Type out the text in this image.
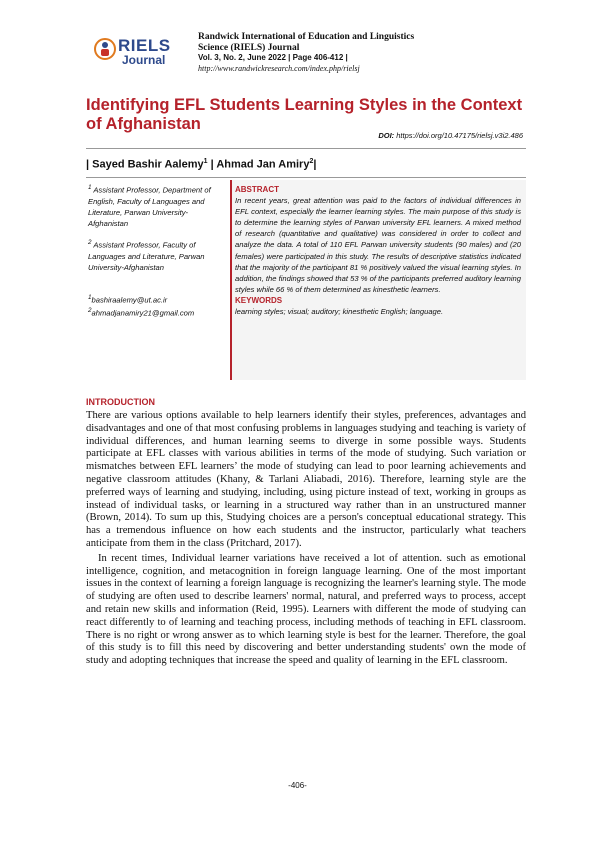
RIELS
Journal
Randwick International of Education and Linguistics
Science (RIELS) Journal
Vol. 3, No. 2, June 2022 | Page 406-412 |
http://www.randwickresearch.com/index.php/rielsj
Identifying EFL Students Learning Styles in the Context of Afghanistan
DOI: https://doi.org/10.47175/rielsj.v3i2.486
| Sayed Bashir Aalemy$^1$ | Ahmad Jan Amiry$^2$|
$^1$ Assistant Professor, Department of English, Faculty of Languages and Literature, Parwan University-Afghanistan
$^2$ Assistant Professor, Faculty of Languages and Literature, Parwan University-Afghanistan
$^1$bashiraalemy@ut.ac.ir
$^2$ahmadjanamiry21@gmail.com
ABSTRACT
In recent years, great attention was paid to the factors of individual differences in EFL context, especially the learner learning styles. The main purpose of this study is to determine the learning styles of Parwan university EFL learners. A mixed method of research (quantitative and qualitative) was considered in order to collect and analyze the data. A total of 110 EFL Parwan university students (90 males) and (20 females) were participated in this study. The results of descriptive statistics indicated that the majority of the participant 81 % positively valued the visual learning styles. In addition, the findings showed that 53 % of the participants preferred auditory learning styles while 66 % of them determined as kinesthetic learners.
KEYWORDS
learning styles; visual; auditory; kinesthetic English; language.
INTRODUCTION

There are various options available to help learners identify their styles, preferences, advantages and disadvantages and one of that most confusing problems in languages studying and teaching is variety of individual differences, and human learning seems to diverge in some possible ways. Students participate at EFL classes with various abilities in terms of the mode of studying. Such variation or mismatches between EFL learners’ the mode of studying can lead to poor learning achievements and negative classroom attitudes (Khany, & Tarlani Aliabadi, 2016). Therefore, learning style are the preferred ways of learning and studying, including, using picture instead of text, working in groups as instead of individual tasks, or learning in a structured way rather than in an unstructured manner (Brown, 2014). To sum up this, Studying choices are a person's conceptual educational strategy. This has a tremendous influence on how each students and the instructor, particularly what teachers anticipate from them in the class (Pritchard, 2017).

In recent times, Individual learner variations have received a lot of attention. such as emotional intelligence, cognition, and metacognition in foreign language learning. One of the most important issues in the context of learning a foreign language is recognizing the learner's learning style. The mode of studying are often used to describe learners' normal, natural, and preferred ways to process, accept and retain new skills and information (Reid, 1995). Learners with different the mode of studying can react differently to of learning and teaching process, including methods of teaching in EFL classroom. There is no right or wrong answer as to which learning style is best for the learner. Therefore, the goal of this study is to fill this need by discovering and better understanding students' own the mode of study and adopting techniques that increase the speed and quality of learning in the EFL classroom.

-406-
